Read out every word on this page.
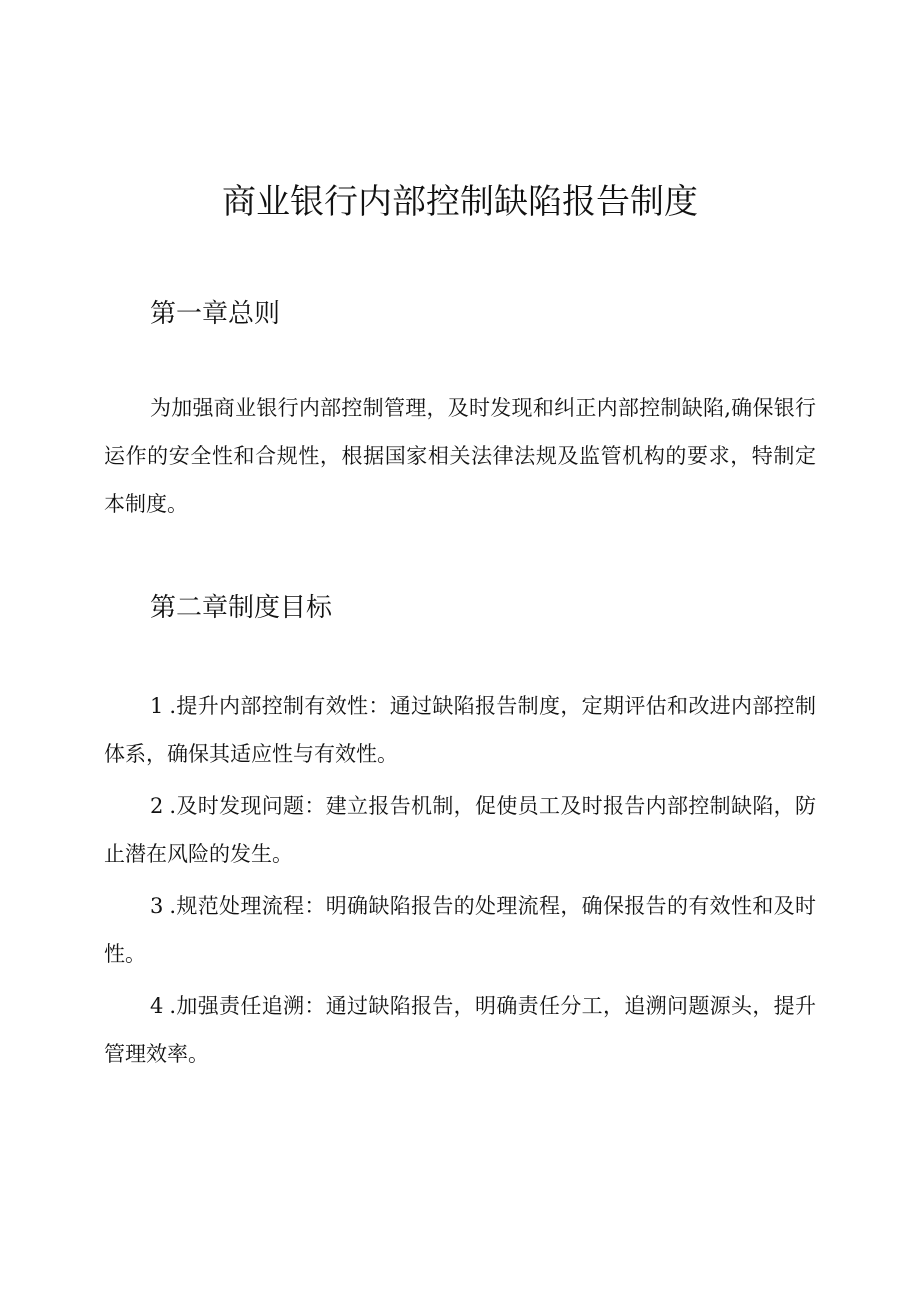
商业银行内部控制缺陷报告制度
第一章总则

为加强商业银行内部控制管理，及时发现和纠正内部控制缺陷,确保银行运作的安全性和合规性，根据国家相关法律法规及监管机构的要求，特制定本制度。

第二章制度目标
1 .提升内部控制有效性：通过缺陷报告制度，定期评估和改进内部控制体系，确保其适应性与有效性。
2 .及时发现问题：建立报告机制，促使员工及时报告内部控制缺陷，防止潜在风险的发生。
3 .规范处理流程：明确缺陷报告的处理流程，确保报告的有效性和及时性。
4 .加强责任追溯：通过缺陷报告，明确责任分工，追溯问题源头，提升管理效率。
